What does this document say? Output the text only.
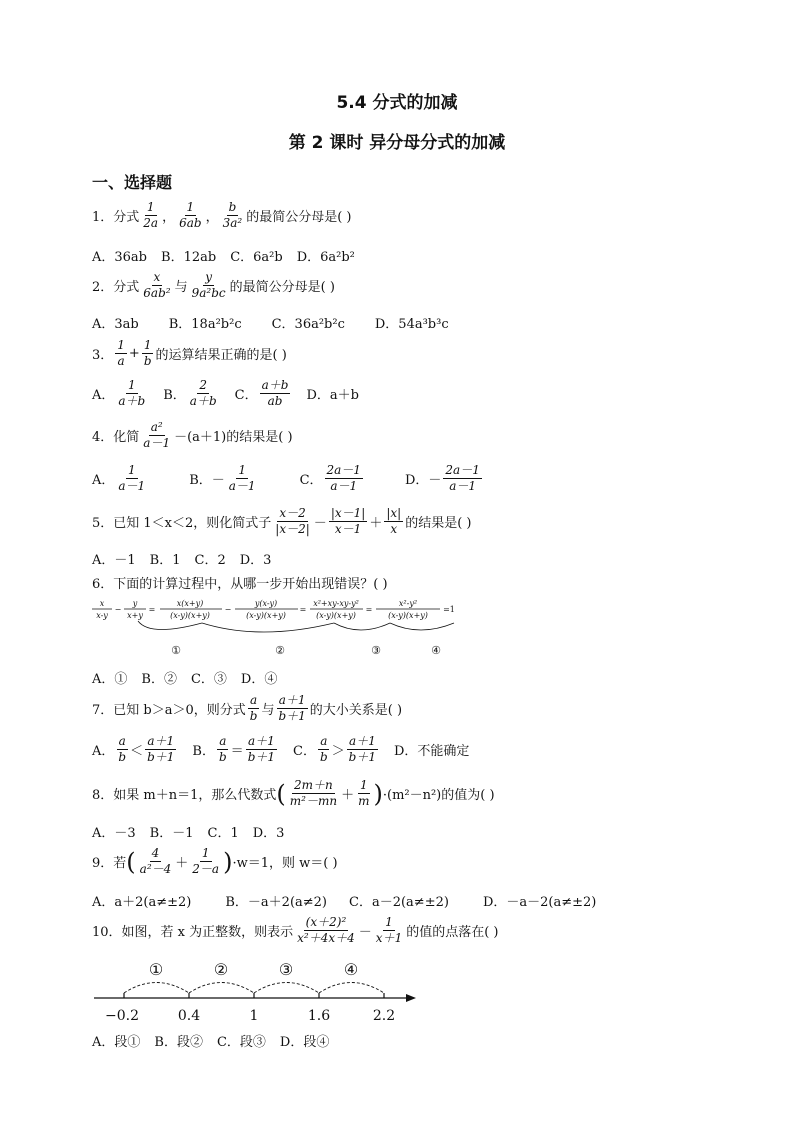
5.4 分式的加减
第 2 课时 异分母分式的加减
一、选择题
1． 分式 $\frac{1}{2a}$ ， $\frac{1}{6ab}$ ， $\frac{b}{\text{3a²}}$ 的最简公分母是( )
A．36ab B．12ab C．6a²b D．6a²b²
2． 分式 $\frac{x}{\text{6ab²}}$ 与 $\frac{y}{\text{9a²bc}}$ 的最简公分母是( )
A．3ab B．18a²b²c C．36a²b²c D．54a³b³c
3． $\frac{1}{a} + \frac{1}{b}$ 的运算结果正确的是( )
A． $\frac{1}{a+b}$ B． $\frac{2}{a+b}$ C． $\frac{a+b}{ab}$ D．a＋b
4． 化简 $\frac{\text{a²}}{a-1} -(a+1)$的结果是( )
A． $\frac{1}{a-1}$	B． － $\frac{1}{a-1}$	C． $\frac{2a-1}{a-1}$	D． － $\frac{2a-1}{a-1}$
5． 已知 1＜x＜2，则化简式子 $\frac{x-2}{|x-2|} - \frac{|x-1|}{x-1} + \frac{|x|}{x}$ 的结果是( )
A．－1 B．1 C．2 D．3
6． 下面的计算过程中，从哪一步开始出现错误？( )
x
x-y
−
y
x+y
=
x(x+y)
(x-y)(x+y)
−
y(x-y)
(x-y)(x+y)
=
x²+xy-xy-y²
(x-y)(x+y)
=
x²-y²
(x-y)(x+y)
=1
①	②	③	④
A．① B．② C．③ D．④
7． 已知 b＞a＞0，则分式 $\frac{a}{b}$ 与 $\frac{a+1}{b+1}$ 的大小关系是( )
A． $\frac{a}{b} < \frac{a+1}{b+1}$ B． $\frac{a}{b} = \frac{a+1}{b+1}$ C． $\frac{a}{b} > \frac{a+1}{b+1}$ D．不能确定
8． 如果 m＋n＝1，那么代数式 ( $\frac{2m+n}{\text{m²－mn}} + \frac{1}{m}$ ) ·(m²－n²)的值为( )
A．－3 B．－1 C．1 D．3
9． 若 ( $\frac{4}{\text{a²－4}} + \frac{1}{2-a}$ ) ·w＝1，则 w＝( )
A．a＋2(a≠±2)	B．－a＋2(a≠2) C．a－2(a≠±2)	D．－a－2(a≠±2)
10． 如图，若 x 为正整数，则表示 $\frac{\text{(x＋2)²}}{\text{x²＋4x＋4}} - \frac{1}{x+1}$ 的值的点落在( )
①	②	③	④
−0.2	0.4	1	1.6	2.2
A．段① B．段② C．段③ D．段④
